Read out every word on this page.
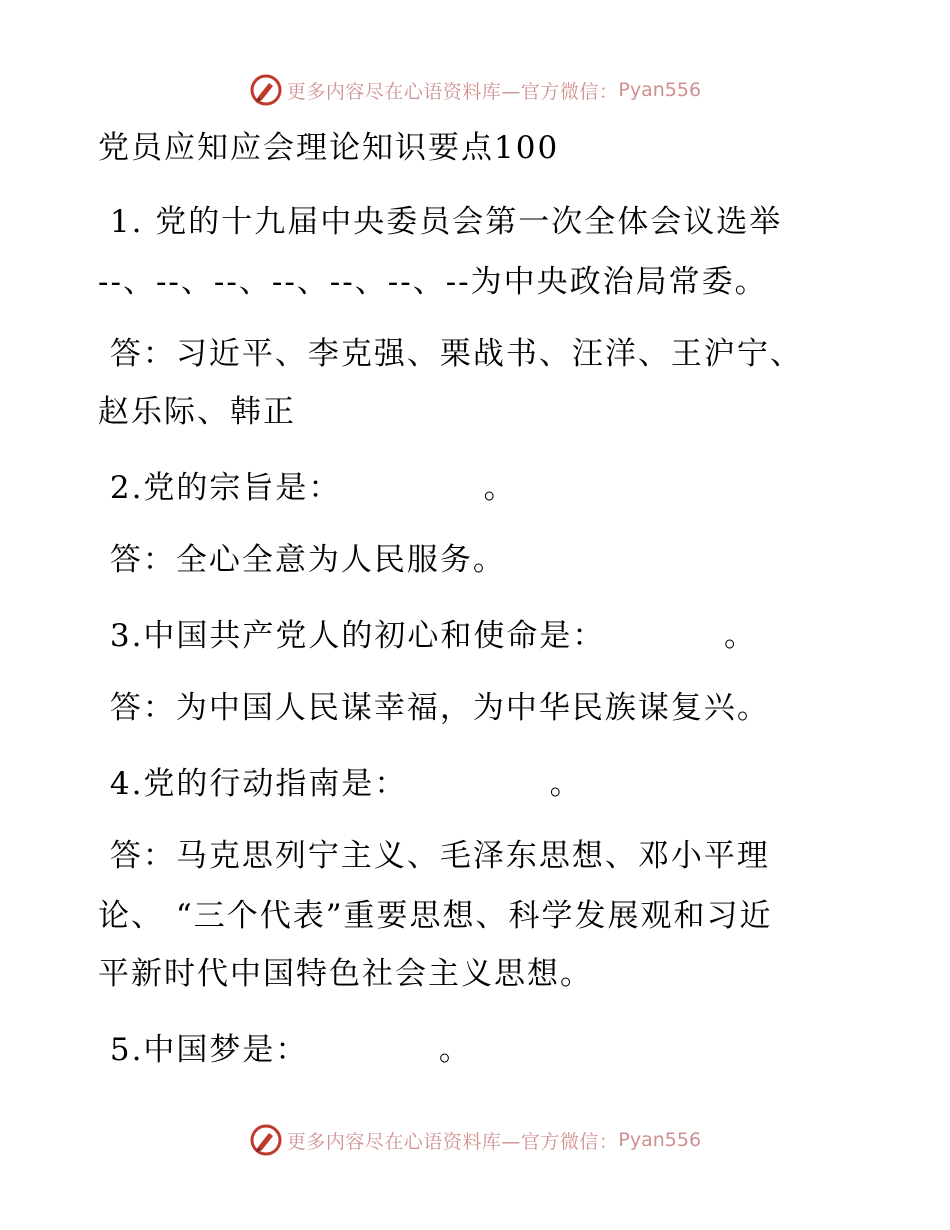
更多内容尽在心语资料库—官方微信： Pyan556
党员应知应会理论知识要点100
1. 党的十九届中央委员会第一次全体会议选举
--、--、--、--、--、--、--为中央政治局常委。
答：习近平、李克强、栗战书、汪洋、王沪宁、
赵乐际、韩正
2.党的宗旨是：            。
答：全心全意为人民服务。
3.中国共产党人的初心和使命是：          。
答：为中国人民谋幸福，为中华民族谋复兴。
4.党的行动指南是：            。
答：马克思列宁主义、毛泽东思想、邓小平理
论、 “三个代表”重要思想、科学发展观和习近
平新时代中国特色社会主义思想。
5.中国梦是：           。
更多内容尽在心语资料库—官方微信： Pyan556
